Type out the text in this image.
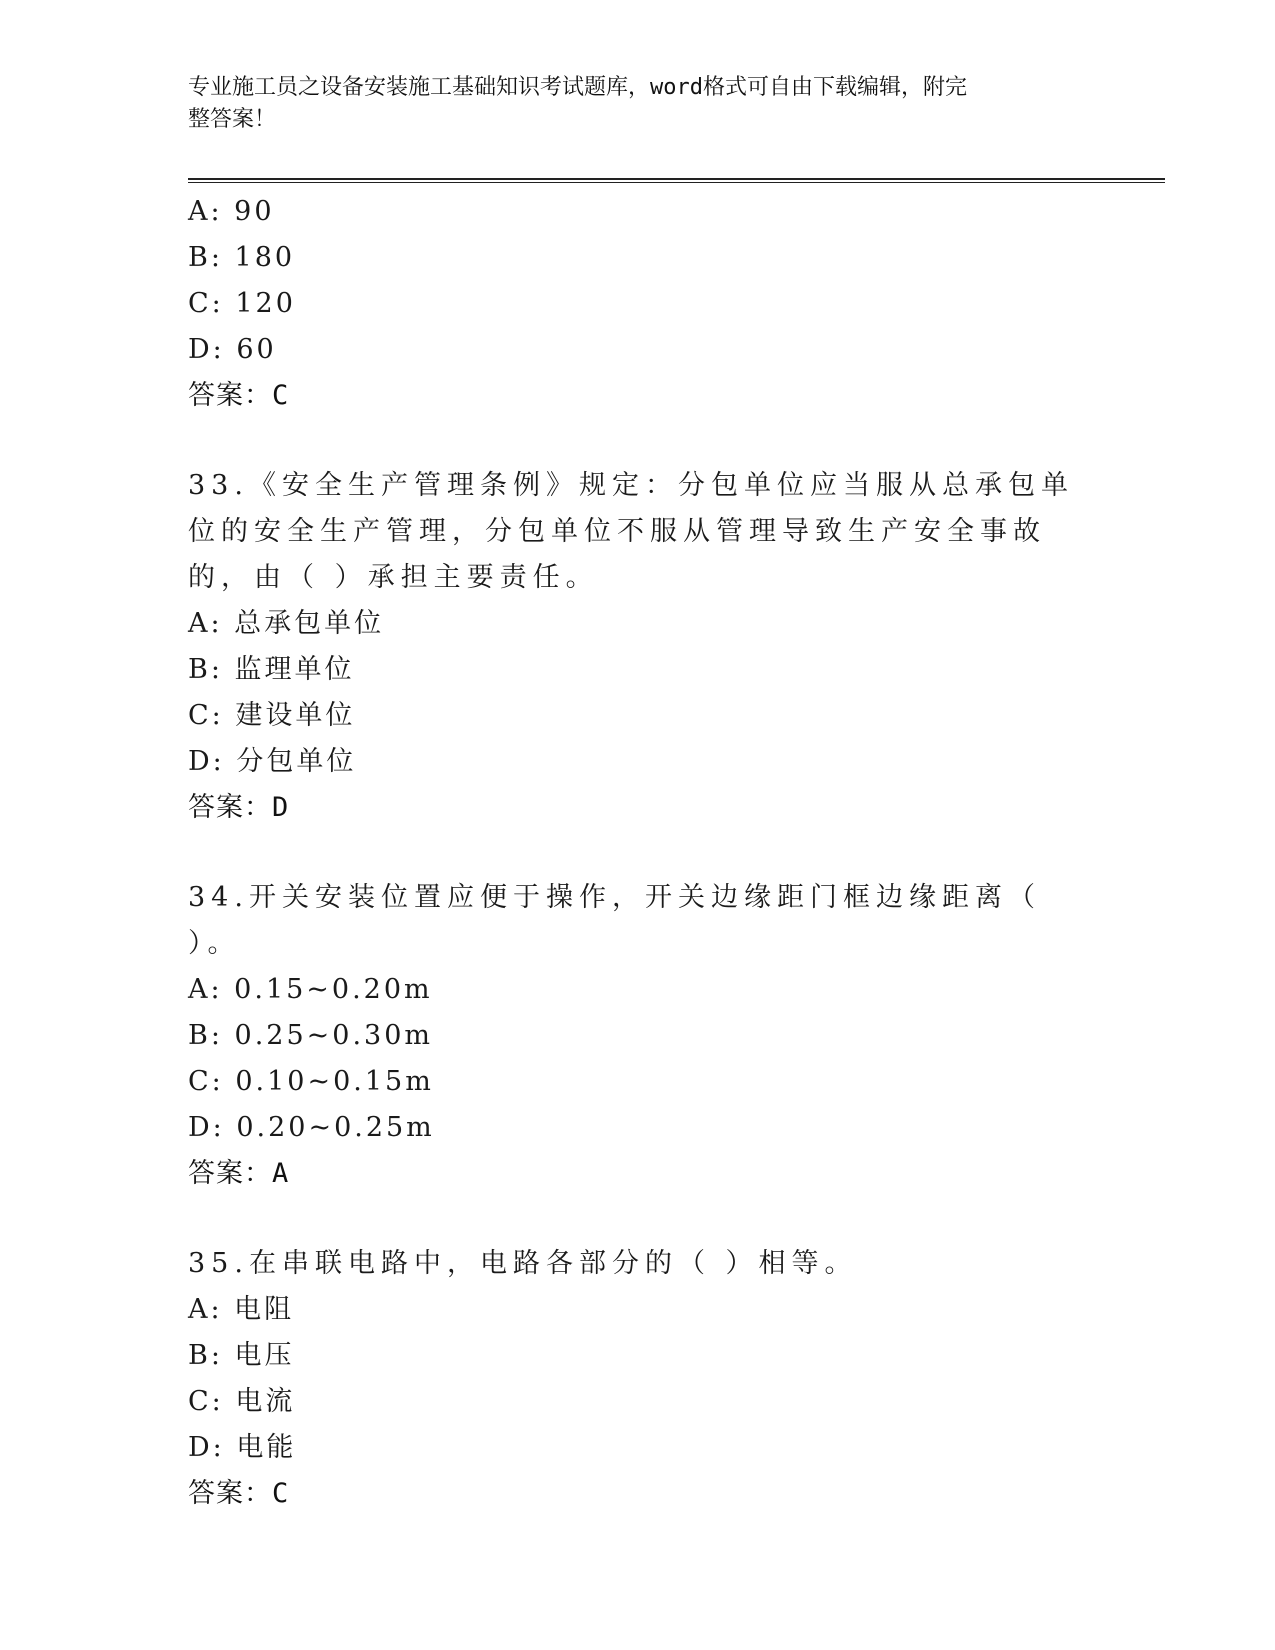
专业施工员之设备安装施工基础知识考试题库，word格式可自由下载编辑，附完
整答案！
A: 90
B: 180
C: 120
D: 60
答案：C
33.《安全生产管理条例》规定：分包单位应当服从总承包单位的安全生产管理，分包单位不服从管理导致生产安全事故的，由（ ）承担主要责任。
A: 总承包单位
B: 监理单位
C: 建设单位
D: 分包单位
答案：D
34.开关安装位置应便于操作，开关边缘距门框边缘距离（ ）。
A: 0.15~0.20m
B: 0.25~0.30m
C: 0.10~0.15m
D: 0.20~0.25m
答案：A
35.在串联电路中，电路各部分的（ ）相等。
A: 电阻
B: 电压
C: 电流
D: 电能
答案：C
